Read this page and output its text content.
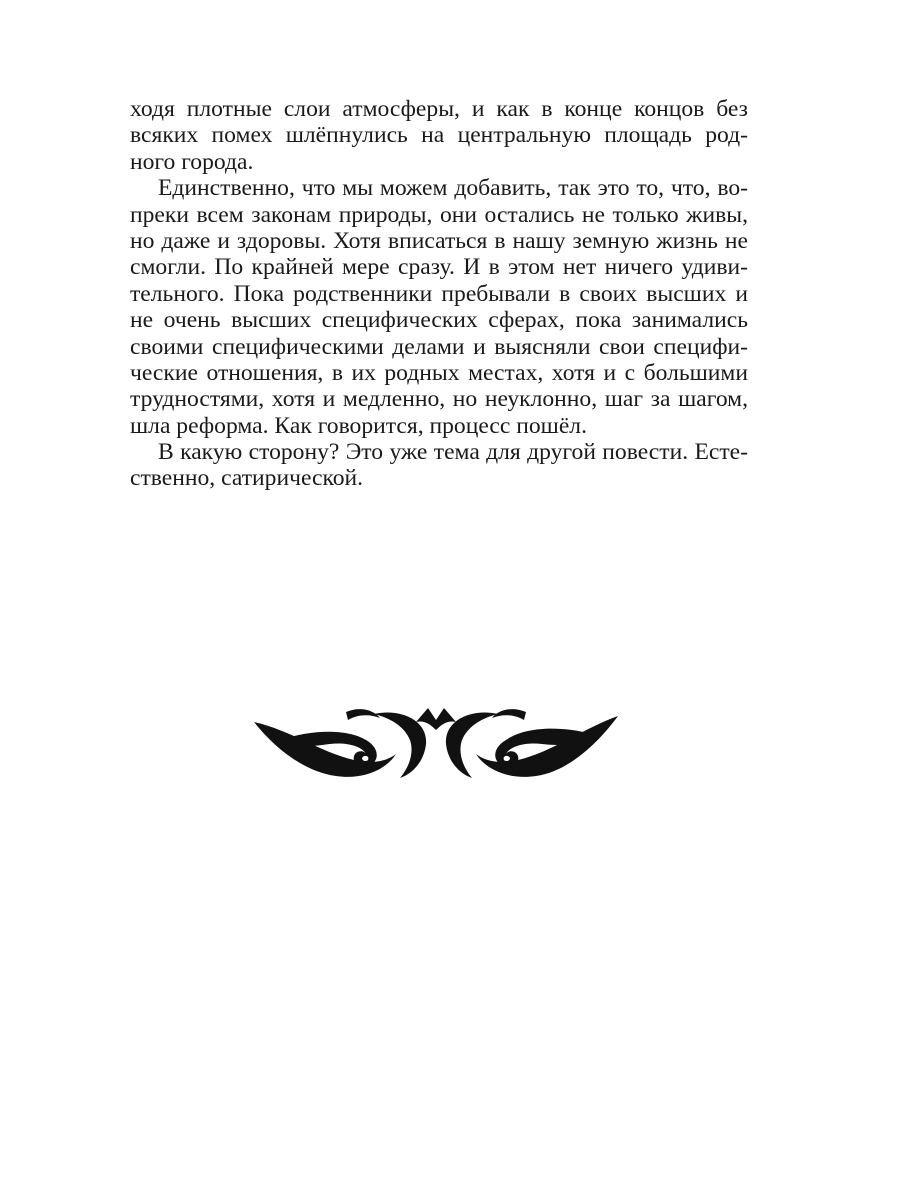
ходя плотные слои атмосферы, и как в конце концов без
всяких помех шлёпнулись на центральную площадь род-
ного города.
Единственно, что мы можем добавить, так это то, что, во-
преки всем законам природы, они остались не только живы,
но даже и здоровы. Хотя вписаться в нашу земную жизнь не
смогли. По крайней мере сразу. И в этом нет ничего удиви-
тельного. Пока родственники пребывали в своих высших и
не очень высших специфических сферах, пока занимались
своими специфическими делами и выясняли свои специфи-
ческие отношения, в их родных местах, хотя и с большими
трудностями, хотя и медленно, но неуклонно, шаг за шагом,
шла реформа. Как говорится, процесс пошёл.
В какую сторону? Это уже тема для другой повести. Есте-
ственно, сатирической.
